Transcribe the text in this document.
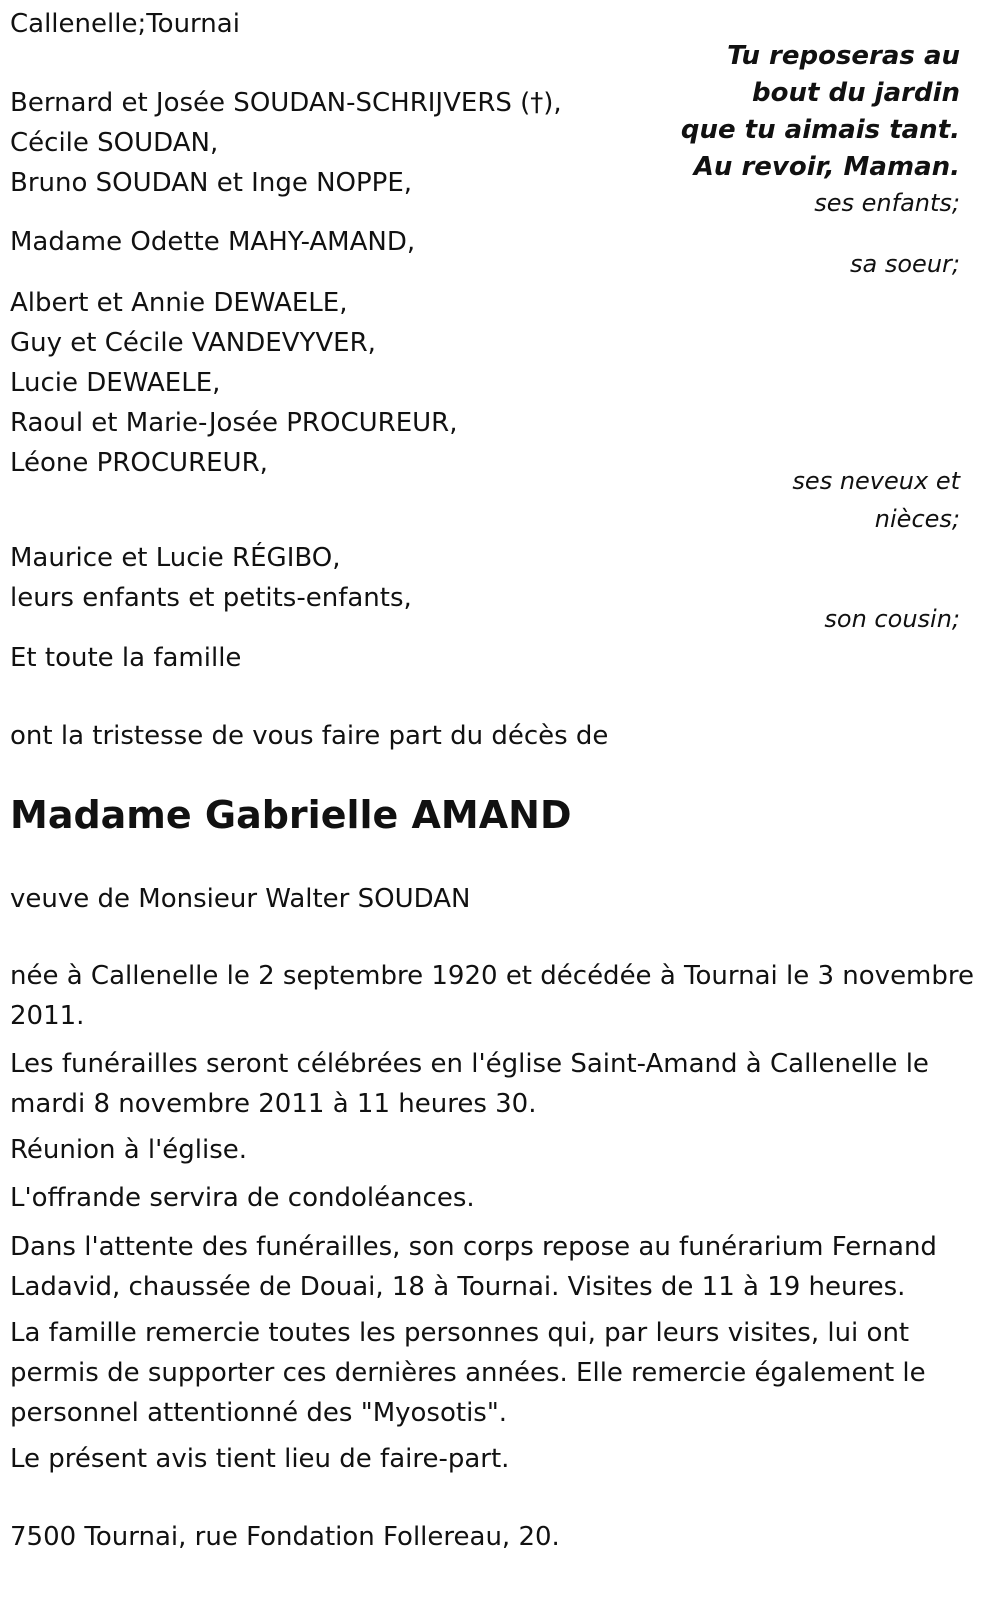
Callenelle;Tournai

Tu reposeras au
bout du jardin
que tu aimais tant.
Au revoir, Maman.
Bernard et Josée SOUDAN-SCHRIJVERS (†),
Cécile SOUDAN,
Bruno SOUDAN et Inge NOPPE,
ses enfants;
Madame Odette MAHY-AMAND,
sa soeur;
Albert et Annie DEWAELE,
Guy et Cécile VANDEVYVER,
Lucie DEWAELE,
Raoul et Marie-Josée PROCUREUR,
Léone PROCUREUR,
ses neveux et
nièces;
Maurice et Lucie RÉGIBO,
leurs enfants et petits-enfants,
son cousin;

Et toute la famille

ont la tristesse de vous faire part du décès de

Madame Gabrielle AMAND

veuve de Monsieur Walter SOUDAN

née à Callenelle le 2 septembre 1920 et décédée à Tournai le 3 novembre 2011.

Les funérailles seront célébrées en l'église Saint-Amand à Callenelle le mardi 8 novembre 2011 à 11 heures 30.

Réunion à l'église.

L'offrande servira de condoléances.

Dans l'attente des funérailles, son corps repose au funérarium Fernand Ladavid, chaussée de Douai, 18 à Tournai. Visites de 11 à 19 heures.

La famille remercie toutes les personnes qui, par leurs visites, lui ont permis de supporter ces dernières années. Elle remercie également le personnel attentionné des "Myosotis".

Le présent avis tient lieu de faire-part.

7500 Tournai, rue Fondation Follereau, 20.
